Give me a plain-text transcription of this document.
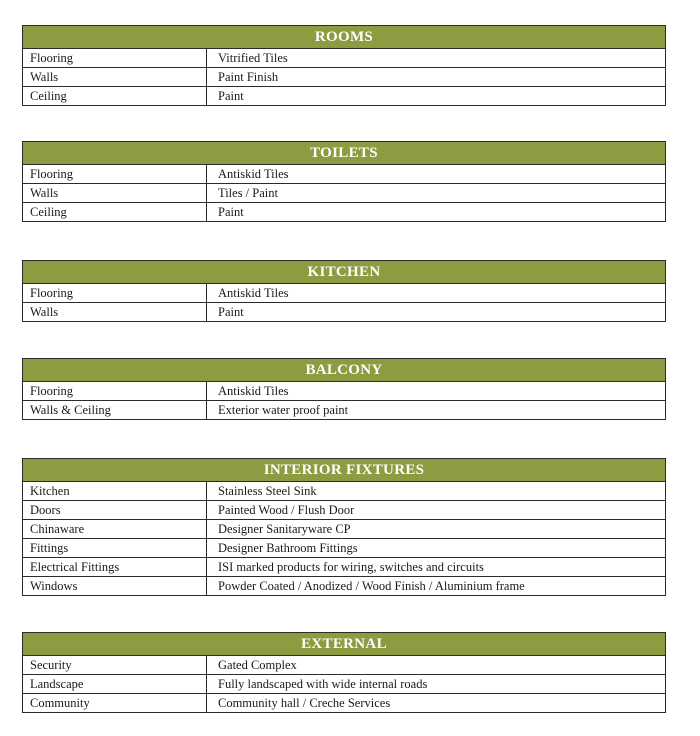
ROOMS
Flooring	Vitrified Tiles
Walls	Paint Finish
Ceiling	Paint
TOILETS
Flooring	Antiskid Tiles
Walls	Tiles / Paint
Ceiling	Paint
KITCHEN
Flooring	Antiskid Tiles
Walls	Paint
BALCONY
Flooring	Antiskid Tiles
Walls & Ceiling	Exterior water proof paint
INTERIOR FIXTURES
Kitchen	Stainless Steel Sink
Doors	Painted Wood / Flush Door
Chinaware	Designer Sanitaryware CP
Fittings	Designer Bathroom Fittings
Electrical Fittings	ISI marked products for wiring, switches and circuits
Windows	Powder Coated / Anodized / Wood Finish / Aluminium frame
EXTERNAL
Security	Gated Complex
Landscape	Fully landscaped with wide internal roads
Community	Community hall / Creche Services
